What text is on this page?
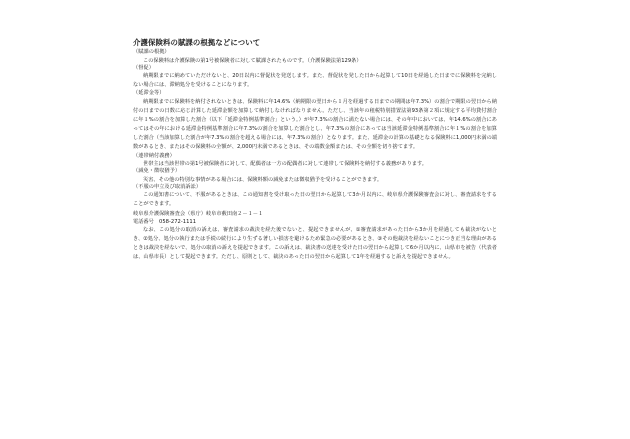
介護保険料の賦課の根拠などについて
（賦課の根拠）

この保険料は介護保険の第1号被保険者に対して賦課されたものです。（介護保険法第129条）

（督促）

納期限までに納めていただけないと、20日以内に督促状を発送します。また、督促状を発した日から起算して10日を経過した日までに保険料を完納しない場合には、滞納処分を受けることになります。

（延滞金等）

納期限までに保険料を納付されないときは、保険料に年14.6%（納期限の翌日から１月を経過する日までの期間は年7.3%）の割合で期限の翌日から納付の日までの日数に応じ計算した延滞金額を加算して納付しなければなりません。ただし、当該年の租税特別措置法第93条第２項に規定する平均貸付割合に年１%の割合を加算した割合（以下「延滞金特例基準割合」という。）が年7.3%の割合に満たない場合には、その年中においては、年14.6%の割合にあってはその年における延滞金特例基準割合に年7.3%の割合を加算した割合とし、年7.3%の割合にあっては当該延滞金特例基準割合に年１%の割合を加算した割合（当該加算した割合が年7.3%の割合を超える場合には、年7.3%の割合）となります。また、延滞金の計算の基礎となる保険料に1,000円未満の端数があるとき、またはその保険料の全額が、2,000円未満であるときは、その端数金額または、その全額を切り捨てます。

（連帯納付義務）

世帯主は当該世帯の第1号被保険者に対して、配偶者は一方の配偶者に対して連帯して保険料を納付する義務があります。

（減免・徴収猶予）

災害、その他の特別な事情がある場合には、保険料額の減免または徴収猶予を受けることができます。

（不服の申立及び取消訴訟）

この通知書について、不服があるときは、この通知書を受け取った日の翌日から起算して3か月以内に、岐阜県介護保険審査会に対し、審査請求をすることができます。

岐阜県介護保険審査会（県庁）岐阜市薮田南２－１－１

電話番号　058-272-1111

なお、この処分の取消の訴えは、審査請求の裁決を経た後でないと、提起できませんが、①審査請求があった日から3か月を経過しても裁決がないとき、②処分、処分の執行または手続の続行により生ずる著しい損害を避けるため緊急の必要があるとき、③その他裁決を経ないことにつき正当な理由があるときは裁決を経ないで、処分の取消の訴えを提起できます。この訴えは、裁決書の送達を受けた日の翌日から起算して6か月以内に、山県市を被告（代表者は、山県市長）として提起できます。ただし、原則として、裁決のあった日の翌日から起算して1年を経過すると訴えを提起できません。
